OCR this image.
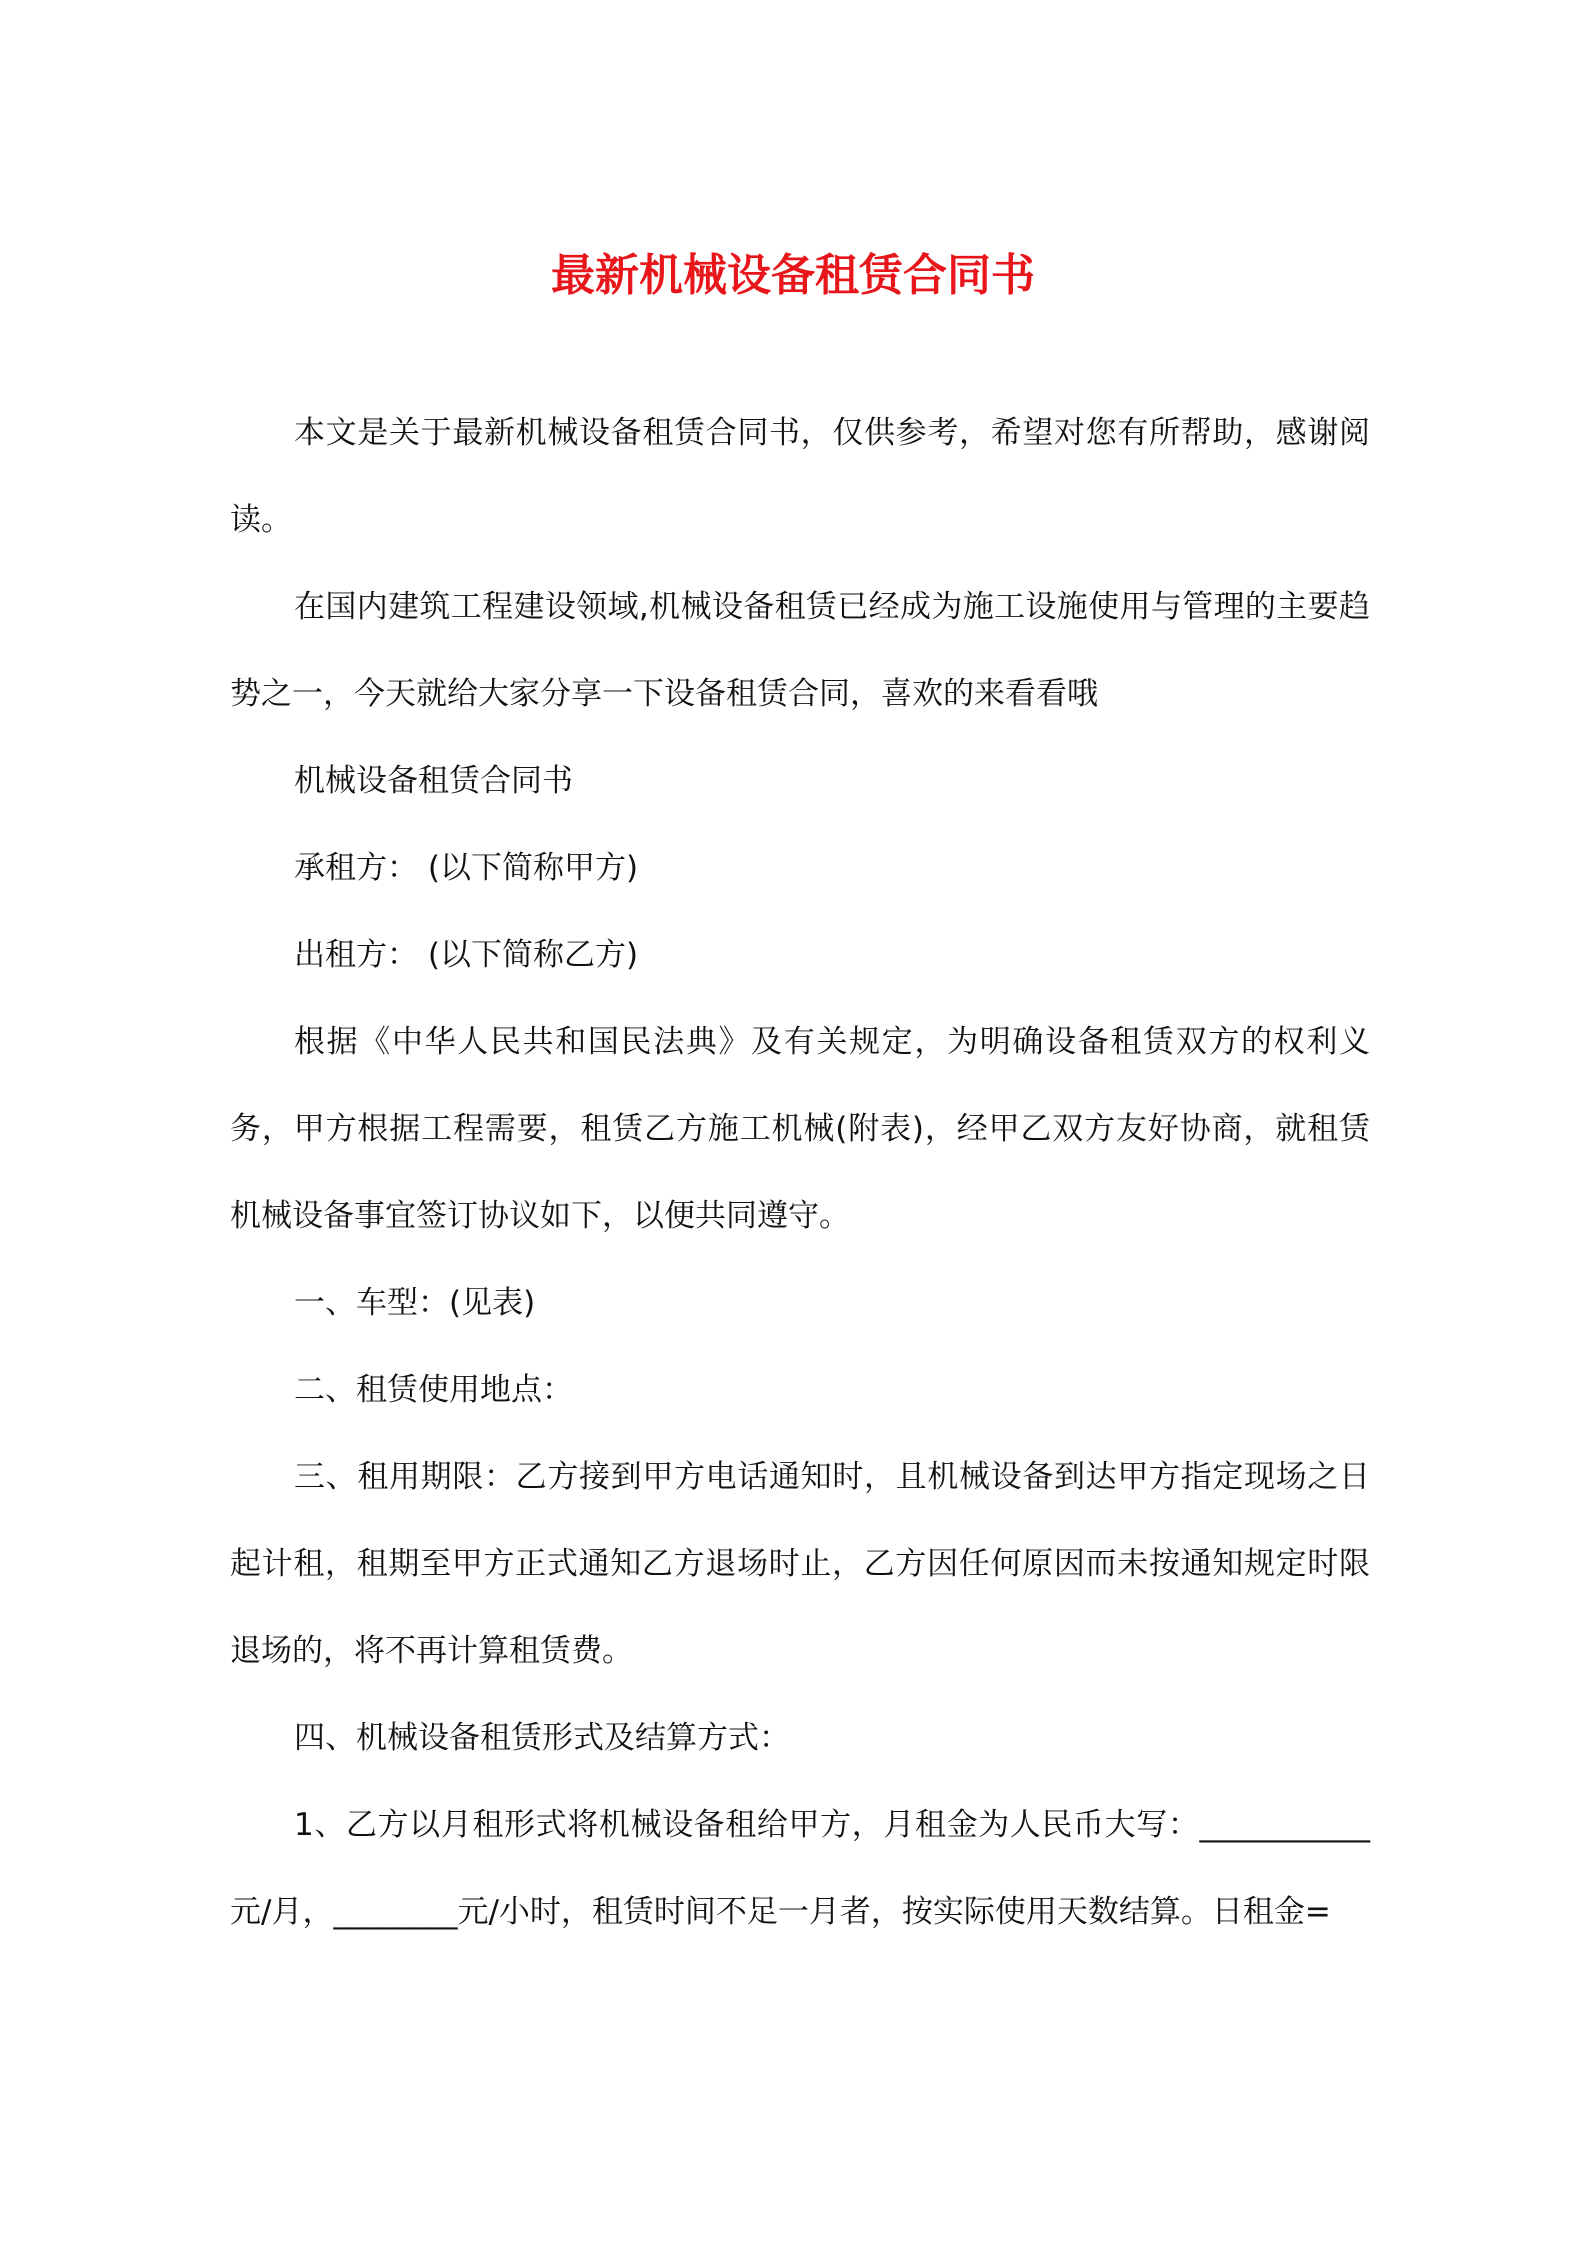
最新机械设备租赁合同书

本文是关于最新机械设备租赁合同书，仅供参考，希望对您有所帮助，感谢阅读。

在国内建筑工程建设领域,机械设备租赁已经成为施工设施使用与管理的主要趋势之一，今天就给大家分享一下设备租赁合同，喜欢的来看看哦

机械设备租赁合同书

承租方： (以下简称甲方)

出租方： (以下简称乙方)

根据《中华人民共和国民法典》及有关规定，为明确设备租赁双方的权利义务，甲方根据工程需要，租赁乙方施工机械(附表)，经甲乙双方友好协商，就租赁机械设备事宜签订协议如下，以便共同遵守。

一、车型：(见表)

二、租赁使用地点：

三、租用期限：乙方接到甲方电话通知时，且机械设备到达甲方指定现场之日起计租，租期至甲方正式通知乙方退场时止，乙方因任何原因而未按通知规定时限退场的，将不再计算租赁费。

四、机械设备租赁形式及结算方式：

1、乙方以月租形式将机械设备租给甲方，月租金为人民币大写：___________元/月，________元/小时，租赁时间不足一月者，按实际使用天数结算。日租金=
